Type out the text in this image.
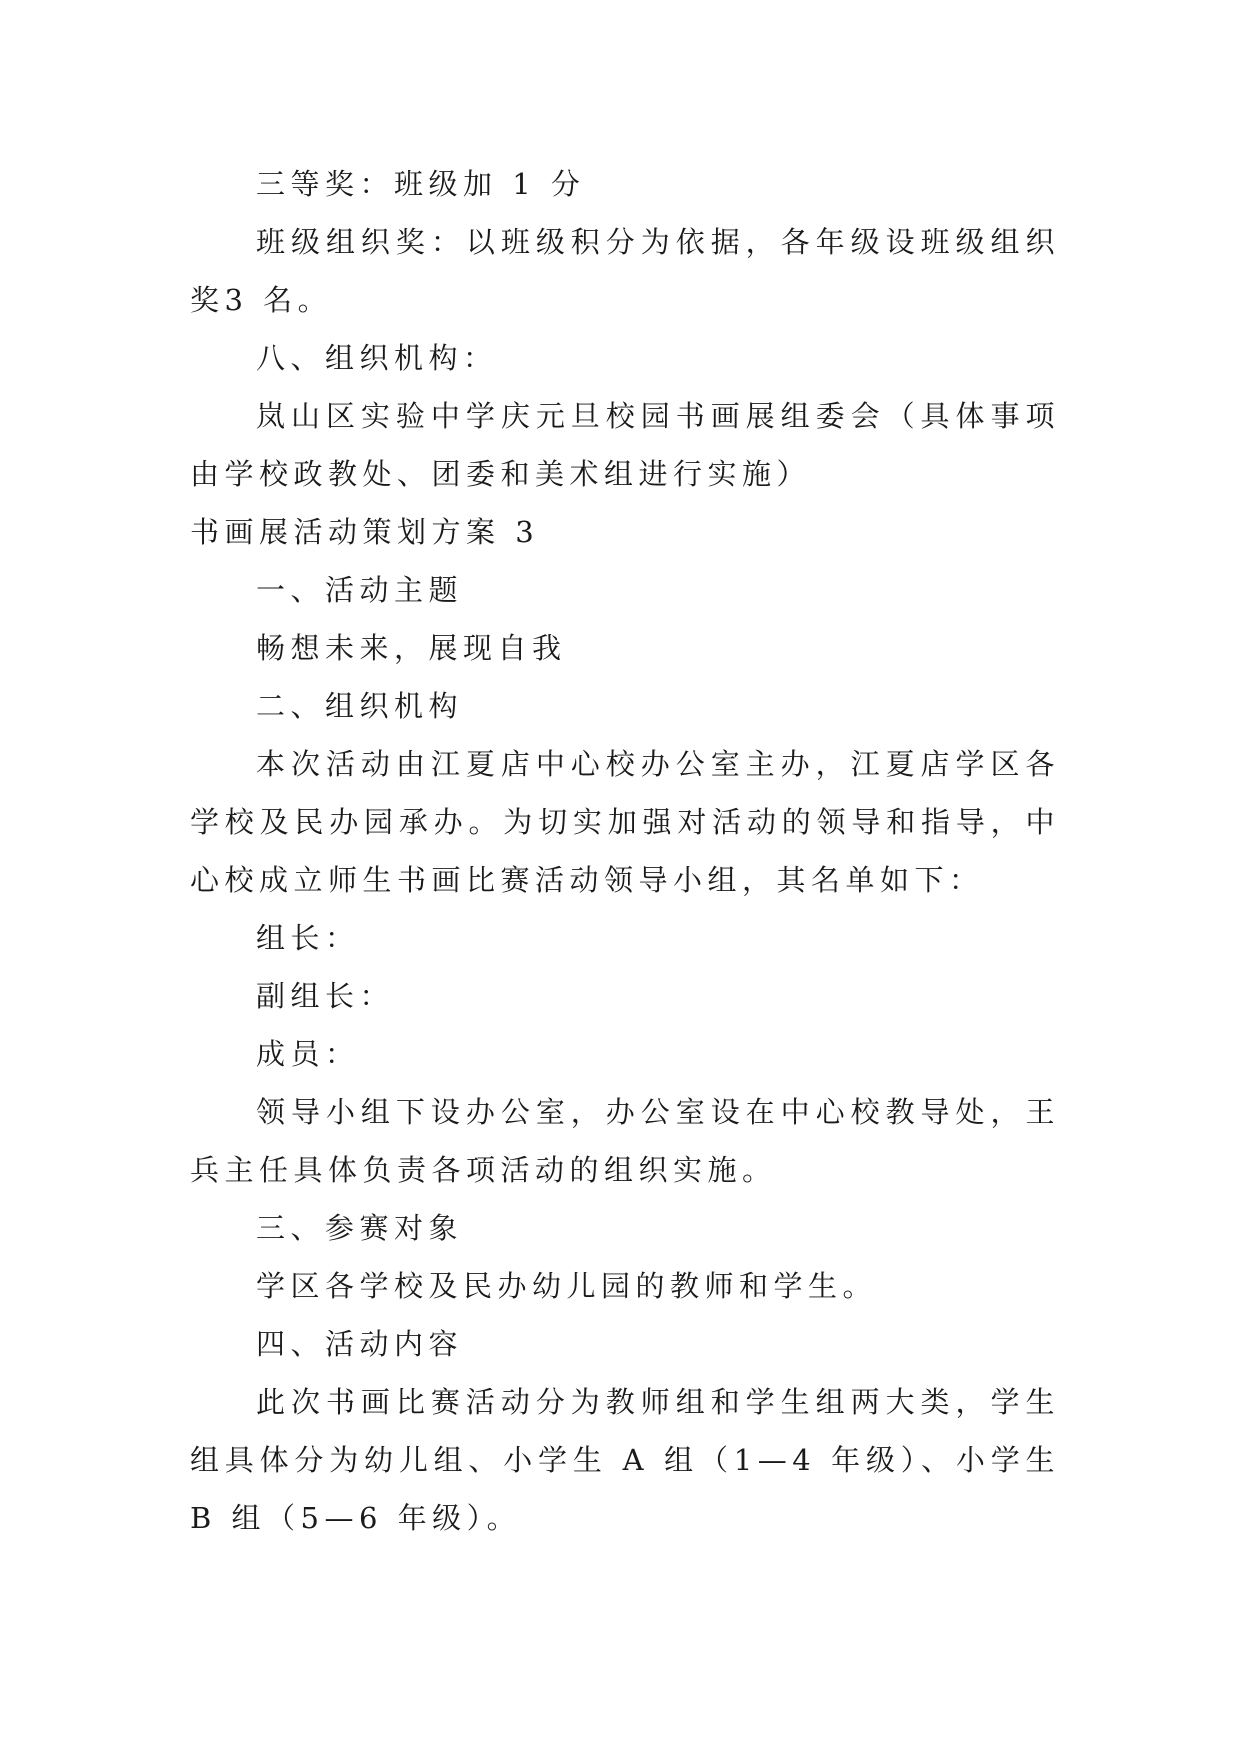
三等奖：班级加 1 分

班级组织奖：以班级积分为依据，各年级设班级组织奖3 名。

八、组织机构：

岚山区实验中学庆元旦校园书画展组委会（具体事项由学校政教处、团委和美术组进行实施）

书画展活动策划方案 3

一、活动主题

畅想未来，展现自我

二、组织机构

本次活动由江夏店中心校办公室主办，江夏店学区各学校及民办园承办。为切实加强对活动的领导和指导，中心校成立师生书画比赛活动领导小组，其名单如下：

组长：

副组长：

成员：

领导小组下设办公室，办公室设在中心校教导处，王兵主任具体负责各项活动的组织实施。

三、参赛对象

学区各学校及民办幼儿园的教师和学生。

四、活动内容

此次书画比赛活动分为教师组和学生组两大类，学生组具体分为幼儿组、小学生 A 组（1—4 年级）、小学生 B 组（5—6 年级）。
